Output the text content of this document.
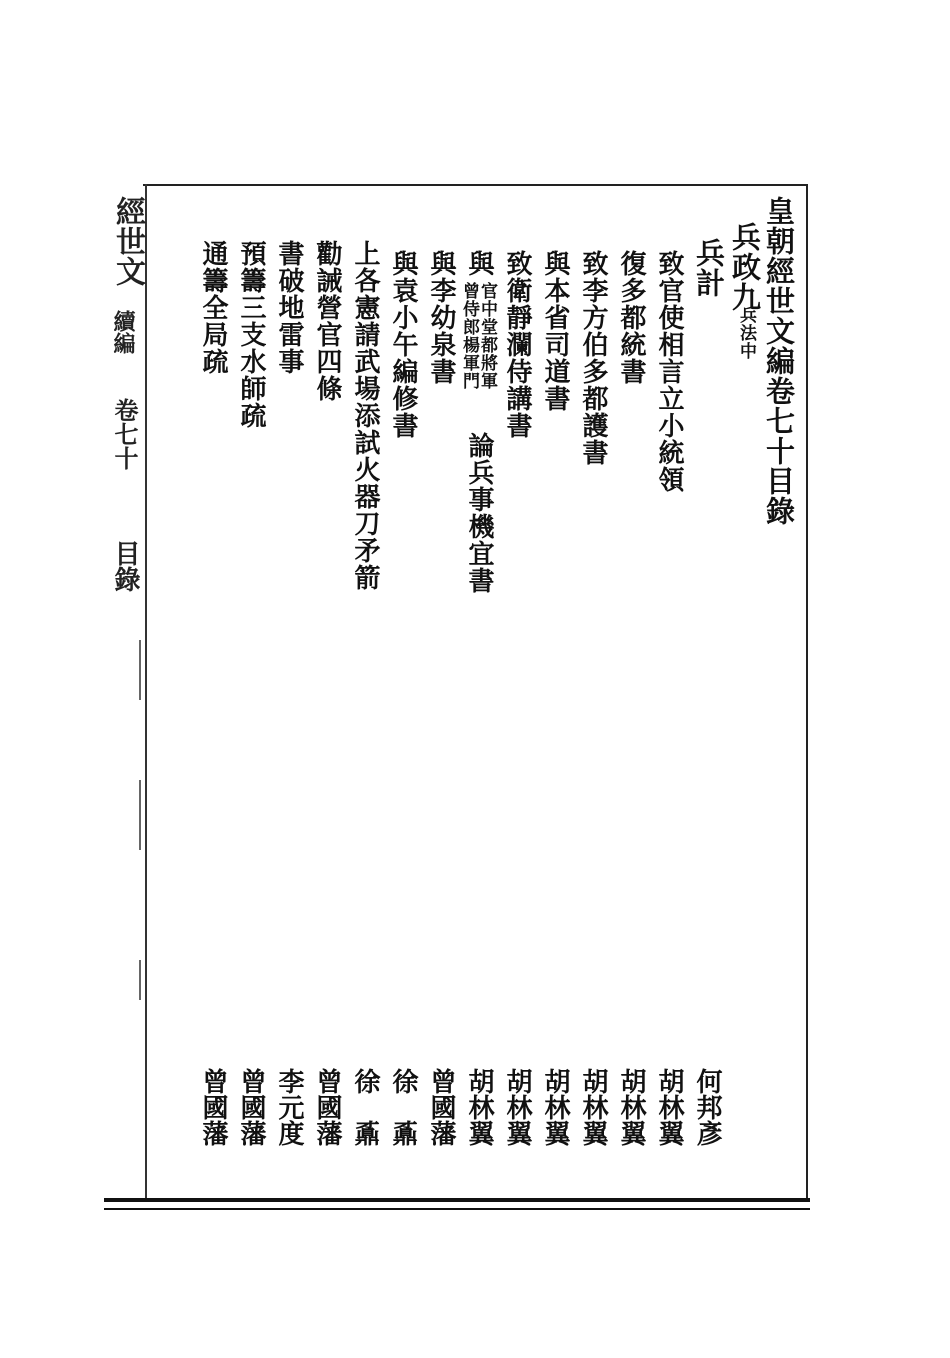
經世文
續編
卷七十
目錄
皇朝經世文編卷七十目錄
兵政九
兵法中
兵計
致官使相言立小統領
復多都統書
致李方伯多都護書
與本省司道書
致衛靜瀾侍講書
與
官中堂都將軍
曾侍郎楊軍門
論兵事機宜書
與李幼泉書
與袁小午編修書
上各憲請武場添試火器刀矛箭
勸誡營官四條
書破地雷事
預籌三支水師疏
通籌全局疏
何邦彥
胡林翼
胡林翼
胡林翼
胡林翼
胡林翼
胡林翼
曾國藩
徐　鼒
徐　鼒
曾國藩
李元度
曾國藩
曾國藩
